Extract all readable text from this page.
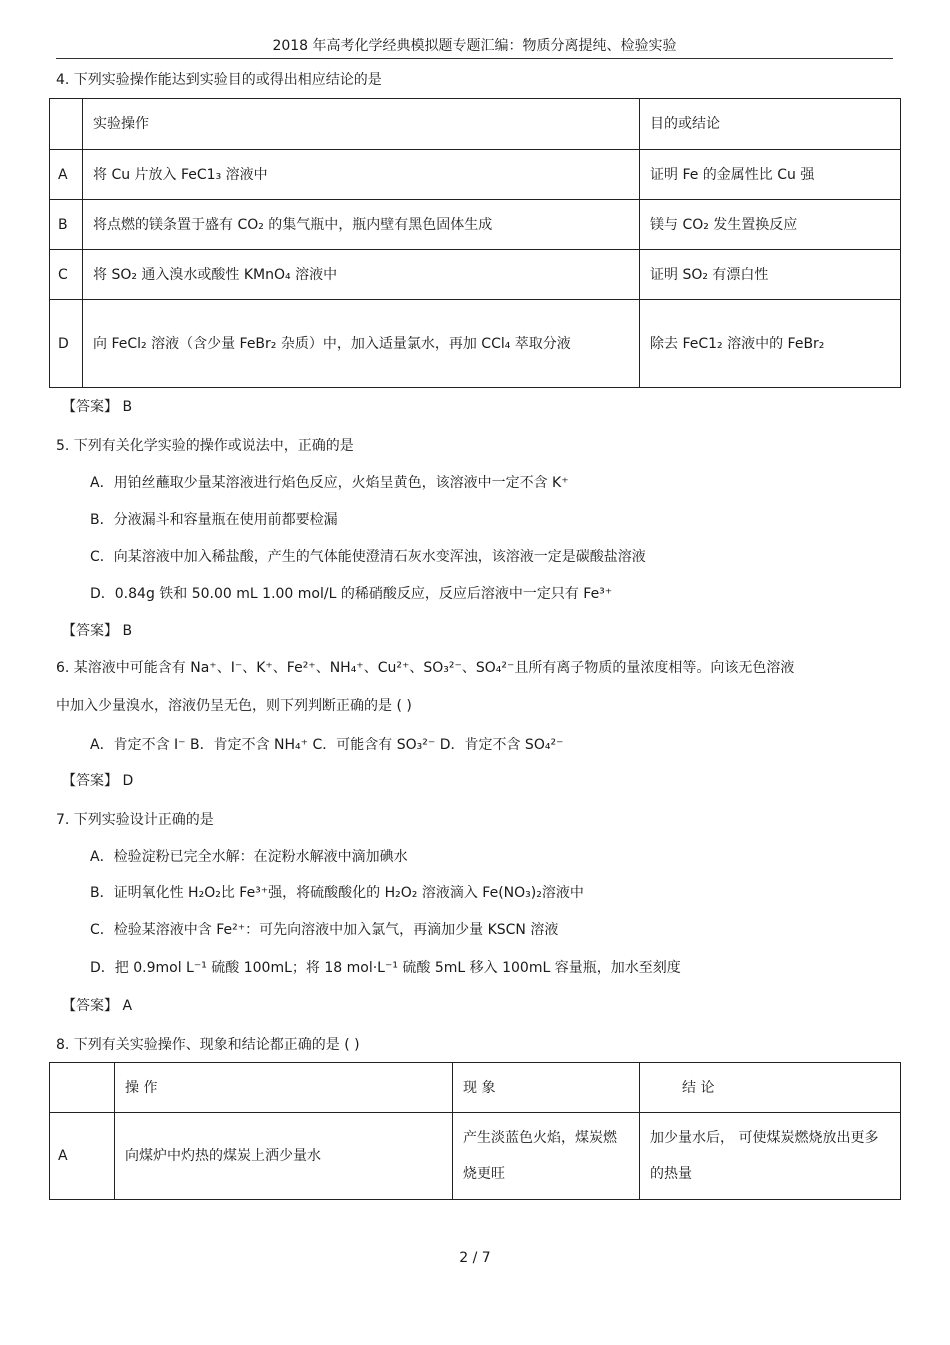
2018 年高考化学经典模拟题专题汇编：物质分离提纯、检验实验
4. 下列实验操作能达到实验目的或得出相应结论的是
	实验操作	目的或结论
A	将 Cu 片放入 FeC1₃ 溶液中	证明 Fe 的金属性比 Cu 强
B	将点燃的镁条置于盛有 CO₂ 的集气瓶中，瓶内壁有黑色固体生成	镁与 CO₂ 发生置换反应
C	将 SO₂ 通入溴水或酸性 KMnO₄ 溶液中	证明 SO₂ 有漂白性
D	向 FeCl₂ 溶液（含少量 FeBr₂ 杂质）中，加入适量氯水，再加 CCl₄ 萃取分液	除去 FeC1₂ 溶液中的 FeBr₂
【答案】 B
5. 下列有关化学实验的操作或说法中，正确的是
A．用铂丝蘸取少量某溶液进行焰色反应，火焰呈黄色，该溶液中一定不含 K⁺
B．分液漏斗和容量瓶在使用前都要检漏
C．向某溶液中加入稀盐酸，产生的气体能使澄清石灰水变浑浊，该溶液一定是碳酸盐溶液
D．0.84g 铁和 50.00 mL 1.00 mol/L 的稀硝酸反应，反应后溶液中一定只有 Fe³⁺
【答案】 B
6. 某溶液中可能含有 Na⁺、I⁻、K⁺、Fe²⁺、NH₄⁺、Cu²⁺、SO₃²⁻、SO₄²⁻且所有离子物质的量浓度相等。向该无色溶液
中加入少量溴水，溶液仍呈无色，则下列判断正确的是 ( )
A．肯定不含 I⁻ B．肯定不含 NH₄⁺ C．可能含有 SO₃²⁻ D．肯定不含 SO₄²⁻
【答案】 D
7. 下列实验设计正确的是
A．检验淀粉已完全水解：在淀粉水解液中滴加碘水
B．证明氧化性 H₂O₂比 Fe³⁺强，将硫酸酸化的 H₂O₂ 溶液滴入 Fe(NO₃)₂溶液中
C．检验某溶液中含 Fe²⁺：可先向溶液中加入氯气，再滴加少量 KSCN 溶液
D．把 0.9mol L⁻¹ 硫酸 100mL；将 18 mol·L⁻¹ 硫酸 5mL 移入 100mL 容量瓶，加水至刻度
【答案】 A
8. 下列有关实验操作、现象和结论都正确的是 ( )
	操 作	现 象	结 论
A	向煤炉中灼热的煤炭上洒少量水	产生淡蓝色火焰，煤炭燃烧更旺	加少量水后， 可使煤炭燃烧放出更多的热量
2 / 7
